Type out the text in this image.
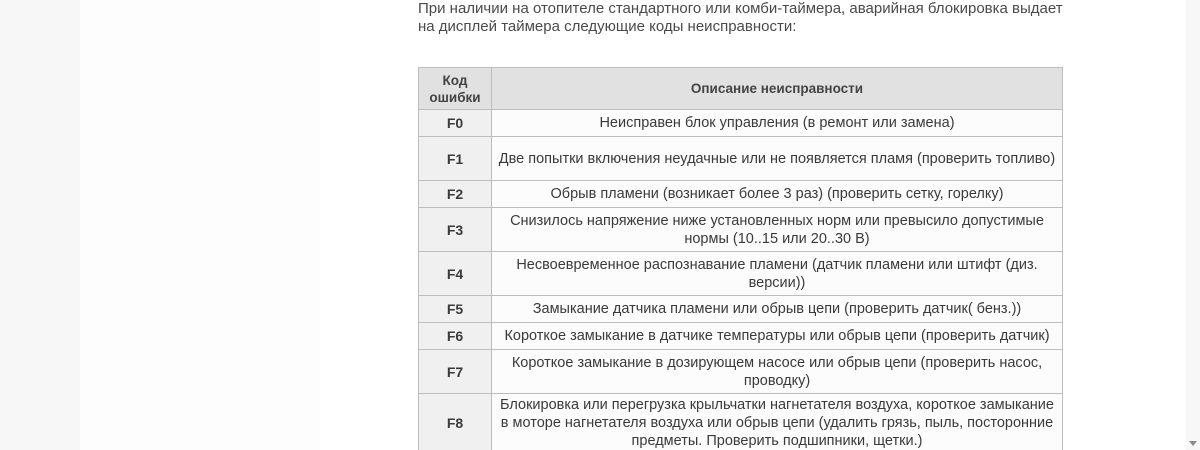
При наличии на отопителе стандартного или комби-таймера, аварийная блокировка выдает
на дисплей таймера следующие коды неисправности:

Код ошибки	Описание неисправности
F0	Неисправен блок управления (в ремонт или замена)
F1	Две попытки включения неудачные или не появляется пламя (проверить топливо)
F2	Обрыв пламени (возникает более 3 раз) (проверить сетку, горелку)
F3	Снизилось напряжение ниже установленных норм или превысило допустимые нормы (10..15 или 20..30 В)
F4	Несвоевременное распознавание пламени (датчик пламени или штифт (диз. версии))
F5	Замыкание датчика пламени или обрыв цепи (проверить датчик( бенз.))
F6	Короткое замыкание в датчике температуры или обрыв цепи (проверить датчик)
F7	Короткое замыкание в дозирующем насосе или обрыв цепи (проверить насос, проводку)
F8	Блокировка или перегрузка крыльчатки нагнетателя воздуха, короткое замыкание в моторе нагнетателя воздуха или обрыв цепи (удалить грязь, пыль, посторонние предметы. Проверить подшипники, щетки.)
